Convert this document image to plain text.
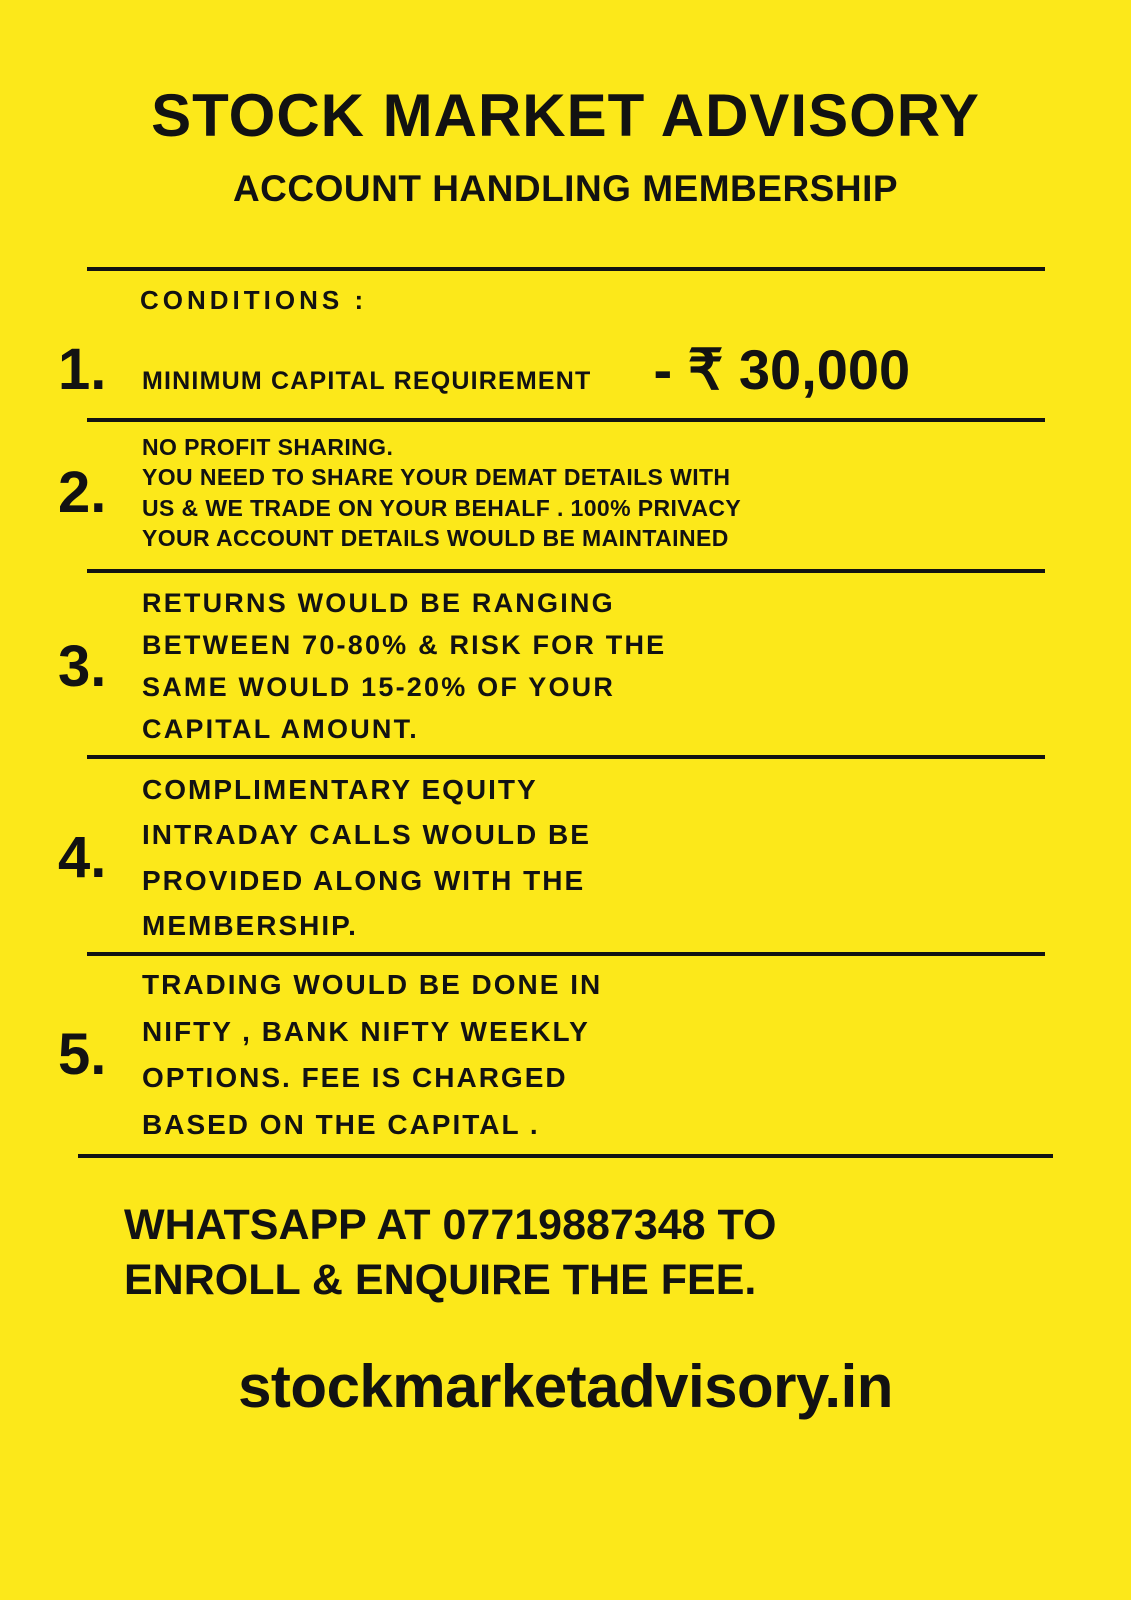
STOCK MARKET ADVISORY
ACCOUNT HANDLING MEMBERSHIP
CONDITIONS :
1.	MINIMUM CAPITAL REQUIREMENT - ₹ 30,000
2.
NO PROFIT SHARING.
YOU NEED TO SHARE YOUR DEMAT DETAILS WITH
US & WE TRADE ON YOUR BEHALF . 100% PRIVACY
YOUR ACCOUNT DETAILS WOULD BE MAINTAINED
3.
RETURNS WOULD BE RANGING
BETWEEN 70-80% & RISK FOR THE
SAME WOULD 15-20% OF YOUR
CAPITAL AMOUNT.
4.
COMPLIMENTARY EQUITY
INTRADAY CALLS WOULD BE
PROVIDED ALONG WITH THE
MEMBERSHIP.
5.
TRADING WOULD BE DONE IN
NIFTY , BANK NIFTY WEEKLY
OPTIONS. FEE IS CHARGED
BASED ON THE CAPITAL .
WHATSAPP AT 07719887348 TO
ENROLL & ENQUIRE THE FEE.
stockmarketadvisory.in
